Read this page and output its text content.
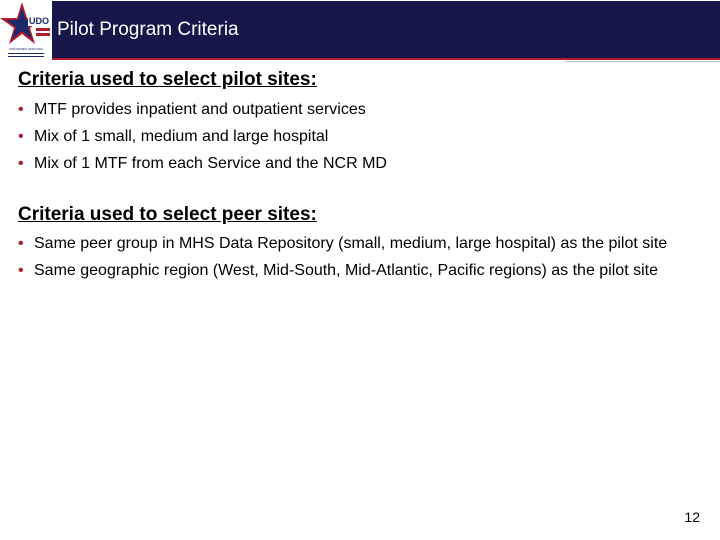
UDO
UNIFORMED SERVICES
Pilot Program Criteria

Criteria used to select pilot sites:

• MTF provides inpatient and outpatient services
• Mix of 1 small, medium and large hospital
• Mix of 1 MTF from each Service and the NCR MD

Criteria used to select peer sites:

• Same peer group in MHS Data Repository (small, medium, large hospital) as the pilot site
• Same geographic region (West, Mid-South, Mid-Atlantic, Pacific regions) as the pilot site
12
